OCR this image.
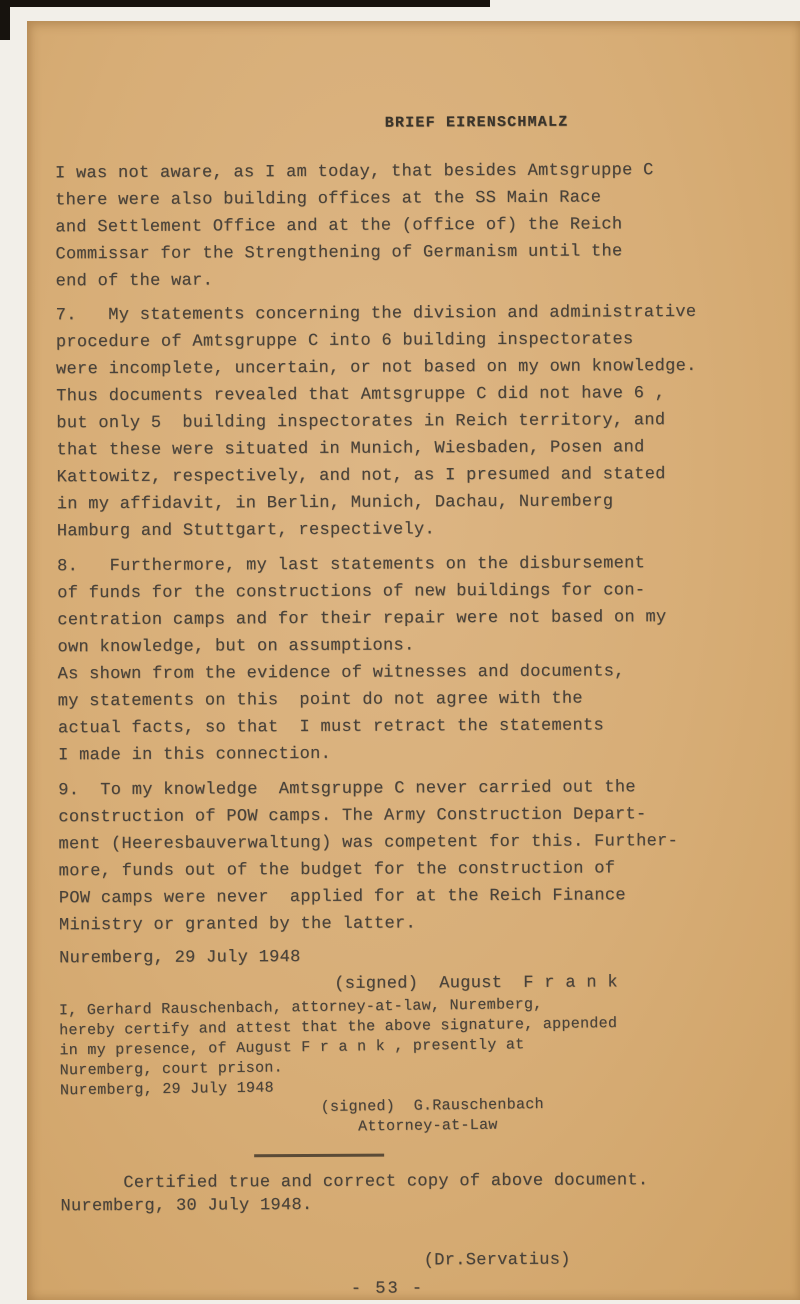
BRIEF EIRENSCHMALZ
I was not aware, as I am today, that besides Amtsgruppe C
there were also building offices at the SS Main Race
and Settlement Office and at the (office of) the Reich
Commissar for the Strengthening of Germanism until the
end of the war.
7.   My statements concerning the division and administrative
procedure of Amtsgruppe C into 6 building inspectorates
were incomplete, uncertain, or not based on my own knowledge.
Thus documents revealed that Amtsgruppe C did not have 6 ,
but only 5  building inspectorates in Reich territory, and
that these were situated in Munich, Wiesbaden, Posen and
Kattowitz, respectively, and not, as I presumed and stated
in my affidavit, in Berlin, Munich, Dachau, Nuremberg
Hamburg and Stuttgart, respectively.
8.   Furthermore, my last statements on the disbursement
of funds for the constructions of new buildings for con-
centration camps and for their repair were not based on my
own knowledge, but on assumptions.
As shown from the evidence of witnesses and documents,
my statements on this  point do not agree with the
actual facts, so that  I must retract the statements
I made in this connection.
9.  To my knowledge  Amtsgruppe C never carried out the
construction of POW camps. The Army Construction Depart-
ment (Heeresbauverwaltung) was competent for this. Further-
more, funds out of the budget for the construction of
POW camps were never  applied for at the Reich Finance
Ministry or granted by the latter.
Nuremberg, 29 July 1948
(signed)  August  F r a n k
I, Gerhard Rauschenbach, attorney-at-law, Nuremberg,
hereby certify and attest that the above signature, appended
in my presence, of August F r a n k , presently at
Nuremberg, court prison.
Nuremberg, 29 July 1948
(signed)  G.Rauschenbach
Attorney-at-Law

Certified true and correct copy of above document.
Nuremberg, 30 July 1948.

(Dr.Servatius)
- 53 -
